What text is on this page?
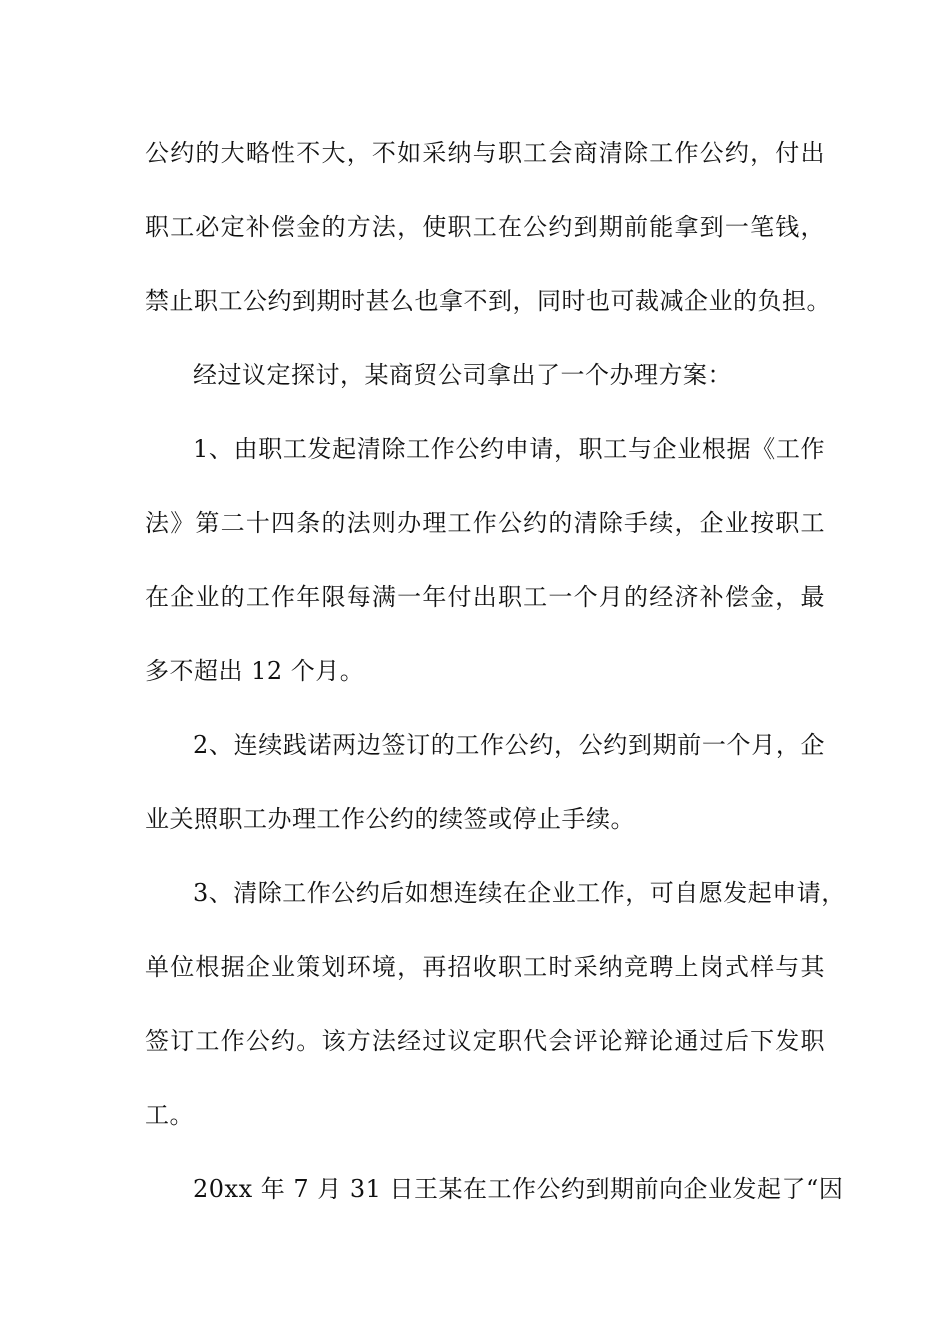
公约的大略性不大，不如采纳与职工会商清除工作公约，付出
职工必定补偿金的方法，使职工在公约到期前能拿到一笔钱，
禁止职工公约到期时甚么也拿不到，同时也可裁减企业的负担。
经过议定探讨，某商贸公司拿出了一个办理方案：
1、由职工发起清除工作公约申请，职工与企业根据《工作
法》第二十四条的法则办理工作公约的清除手续，企业按职工
在企业的工作年限每满一年付出职工一个月的经济补偿金，最
多不超出 12 个月。
2、连续践诺两边签订的工作公约，公约到期前一个月，企
业关照职工办理工作公约的续签或停止手续。
3、清除工作公约后如想连续在企业工作，可自愿发起申请，
单位根据企业策划环境，再招收职工时采纳竞聘上岗式样与其
签订工作公约。该方法经过议定职代会评论辩论通过后下发职
工。
20xx 年 7 月 31 日王某在工作公约到期前向企业发起了“因
